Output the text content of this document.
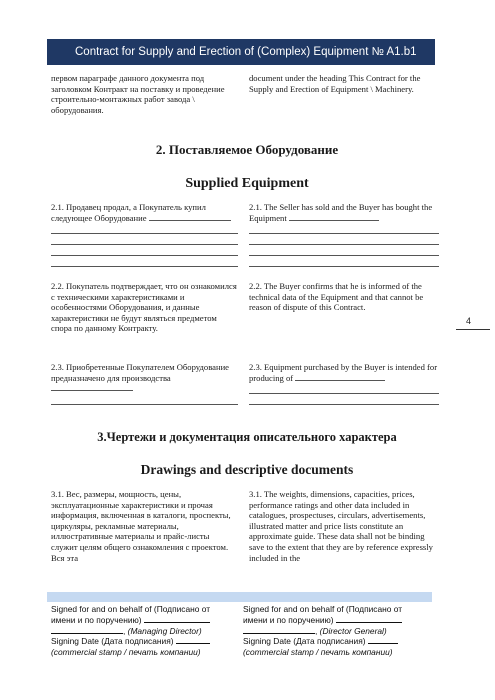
Contract for Supply and Erection of (Complex) Equipment № A1.b1
первом параграфе данного документа под заголовком Контракт на поставку и проведение строительно-монтажных работ завода \ оборудования.
document under the heading This Contract for the Supply and Erection of Equipment \ Machinery.
2. Поставляемое Оборудование
Supplied Equipment
2.1. Продавец продал, а Покупатель купил следующее Оборудование
2.1. The Seller has sold and the Buyer has bought the Equipment
2.2. Покупатель подтверждает, что он ознакомился с техническими характеристиками и особенностями Оборудования, и данные характеристики не будут являться предметом спора по данному Контракту.
2.2. The Buyer confirms that he is informed of the technical data of the Equipment and that cannot be reason of dispute of this Contract.
2.3. Приобретенные Покупателем Оборудование предназначено для производства
2.3. Equipment purchased by the Buyer is intended for producing of
4
3.Чертежи и документация описательного характера
Drawings and descriptive documents
3.1. Вес, размеры, мощность, цены, эксплуатационные характеристики и прочая информация, включенная в каталоги, проспекты, циркуляры, рекламные материалы, иллюстративные материалы и прайс-листы служит целям общего ознакомления с проектом. Вся эта
3.1. The weights, dimensions, capacities, prices, performance ratings and other data included in catalogues, prospectuses, circulars, advertisements, illustrated matter and price lists constitute an approximate guide. These data shall not be binding save to the extent that they are by reference expressly included in the
Signed for and on behalf of (Подписано от
имени и по поручению)
, (Managing Director)
Signing Date (Дата подписания)
(commercial stamp / печать компании)
Signed for and on behalf of (Подписано от
имени и по поручению)
, (Director General)
Signing Date (Дата подписания)
(commercial stamp / печать компании)
